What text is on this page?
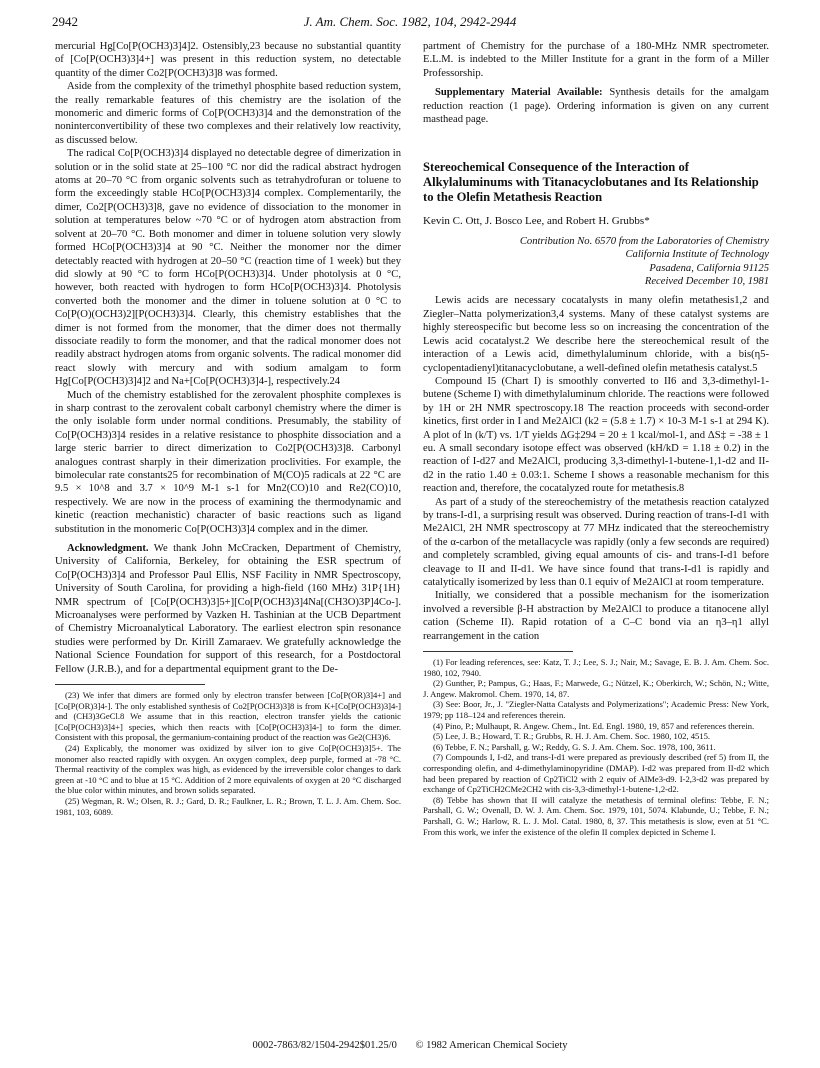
2942	J. Am. Chem. Soc. 1982, 104, 2942-2944

mercurial Hg[Co[P(OCH3)3]4]2. Ostensibly,23 because no substantial quantity of [Co[P(OCH3)3]4+] was present in this reduction system, no detectable quantity of the dimer Co2[P(OCH3)3]8 was formed.

Aside from the complexity of the trimethyl phosphite based reduction system, the really remarkable features of this chemistry are the isolation of the monomeric and dimeric forms of Co[P(OCH3)3]4 and the demonstration of the noninterconvertibility of these two complexes and their relatively low reactivity, as discussed below.

The radical Co[P(OCH3)3]4 displayed no detectable degree of dimerization in solution or in the solid state at 25–100 °C nor did the radical abstract hydrogen atoms at 20–70 °C from organic solvents such as tetrahydrofuran or toluene to form the exceedingly stable HCo[P(OCH3)3]4 complex. Complementarily, the dimer, Co2[P(OCH3)3]8, gave no evidence of dissociation to the monomer in solution at temperatures below ~70 °C or of hydrogen atom abstraction from solvent at 20–70 °C. Both monomer and dimer in toluene solution very slowly formed HCo[P(OCH3)3]4 at 90 °C. Neither the monomer nor the dimer detectably reacted with hydrogen at 20–50 °C (reaction time of 1 week) but they did slowly at 90 °C to form HCo[P(OCH3)3]4. Under photolysis at 0 °C, however, both reacted with hydrogen to form HCo[P(OCH3)3]4. Photolysis converted both the monomer and the dimer in toluene solution at 0 °C to Co[P(O)(OCH3)2][P(OCH3)3]4. Clearly, this chemistry establishes that the dimer is not formed from the monomer, that the dimer does not thermally dissociate readily to form the monomer, and that the radical monomer does not readily abstract hydrogen atoms from organic solvents. The radical monomer did react slowly with mercury and with sodium amalgam to form Hg[Co[P(OCH3)3]4]2 and Na+[Co[P(OCH3)3]4-], respectively.24

Much of the chemistry established for the zerovalent phosphite complexes is in sharp contrast to the zerovalent cobalt carbonyl chemistry where the dimer is the only isolable form under normal conditions. Presumably, the stability of Co[P(OCH3)3]4 resides in a relative resistance to phosphite dissociation and a large steric barrier to direct dimerization to Co2[P(OCH3)3]8. Carbonyl analogues contrast sharply in their dimerization proclivities. For example, the bimolecular rate constants25 for recombination of M(CO)5 radicals at 22 °C are 9.5 × 10^8 and 3.7 × 10^9 M-1 s-1 for Mn2(CO)10 and Re2(CO)10, respectively. We are now in the process of examining the thermodynamic and kinetic (reaction mechanistic) character of basic reactions such as ligand substitution in the monomeric Co[P(OCH3)3]4 complex and in the dimer.

Acknowledgment. We thank John McCracken, Department of Chemistry, University of California, Berkeley, for obtaining the ESR spectrum of Co[P(OCH3)3]4 and Professor Paul Ellis, NSF Facility in NMR Spectroscopy, University of South Carolina, for providing a high-field (160 MHz) 31P{1H} NMR spectrum of [Co[P(OCH3)3]5+][Co[P(OCH3)3]4Na[(CH3O)3P]4Co-]. Microanalyses were performed by Vazken H. Tashinian at the UCB Department of Chemistry Microanalytical Laboratory. The earliest electron spin resonance studies were performed by Dr. Kirill Zamaraev. We gratefully acknowledge the National Science Foundation for support of this research, for a Postdoctoral Fellow (J.R.B.), and for a departmental equipment grant to the De-

(23) We infer that dimers are formed only by electron transfer between [Co[P(OR)3]4+] and [Co[P(OR)3]4-]. The only established synthesis of Co2[P(OCH3)3]8 is from K+[Co[P(OCH3)3]4-] and (CH3)3GeCl.8 We assume that in this reaction, electron transfer yields the cationic [Co[P(OCH3)3]4+] species, which then reacts with [Co[P(OCH3)3]4-] to form the dimer. Consistent with this proposal, the germanium-containing product of the reaction was Ge2(CH3)6.

(24) Explicably, the monomer was oxidized by silver ion to give Co[P(OCH3)3]5+. The monomer also reacted rapidly with oxygen. An oxygen complex, deep purple, formed at -78 °C. Thermal reactivity of the complex was high, as evidenced by the irreversible color changes to dark green at -10 °C and to blue at 15 °C. Addition of 2 more equivalents of oxygen at 20 °C discharged the blue color within minutes, and brown solids separated.

(25) Wegman, R. W.; Olsen, R. J.; Gard, D. R.; Faulkner, L. R.; Brown, T. L. J. Am. Chem. Soc. 1981, 103, 6089.

partment of Chemistry for the purchase of a 180-MHz NMR spectrometer. E.L.M. is indebted to the Miller Institute for a grant in the form of a Miller Professorship.

Supplementary Material Available: Synthesis details for the amalgam reduction reaction (1 page). Ordering information is given on any current masthead page.

Stereochemical Consequence of the Interaction of Alkylaluminums with Titanacyclobutanes and Its Relationship to the Olefin Metathesis Reaction
Kevin C. Ott, J. Bosco Lee, and Robert H. Grubbs*
Contribution No. 6570 from the Laboratories of Chemistry
California Institute of Technology
Pasadena, California 91125
Received December 10, 1981

Lewis acids are necessary cocatalysts in many olefin metathesis1,2 and Ziegler–Natta polymerization3,4 systems. Many of these catalyst systems are highly stereospecific but become less so on increasing the concentration of the Lewis acid cocatalyst.2 We describe here the stereochemical result of the interaction of a Lewis acid, dimethylaluminum chloride, with a bis(η5-cyclopentadienyl)titanacyclobutane, a well-defined olefin metathesis catalyst.5

Compound I5 (Chart I) is smoothly converted to II6 and 3,3-dimethyl-1-butene (Scheme I) with dimethylaluminum chloride. The reactions were followed by 1H or 2H NMR spectroscopy.18 The reaction proceeds with second-order kinetics, first order in I and Me2AlCl (k2 = (5.8 ± 1.7) × 10-3 M-1 s-1 at 294 K). A plot of ln (k/T) vs. 1/T yields ΔG‡294 = 20 ± 1 kcal/mol-1, and ΔS‡ = -38 ± 1 eu. A small secondary isotope effect was observed (kH/kD = 1.18 ± 0.2) in the reaction of I-d27 and Me2AlCl, producing 3,3-dimethyl-1-butene-1,1-d2 and II-d2 in the ratio 1.40 ± 0.03:1. Scheme I shows a reasonable mechanism for this reaction and, therefore, the cocatalyzed route for metathesis.8

As part of a study of the stereochemistry of the metathesis reaction catalyzed by trans-I-d1, a surprising result was observed. During reaction of trans-I-d1 with Me2AlCl, 2H NMR spectroscopy at 77 MHz indicated that the stereochemistry of the α-carbon of the metallacycle was rapidly (only a few seconds are required) and completely scrambled, giving equal amounts of cis- and trans-I-d1 before cleavage to II and II-d1. We have since found that trans-I-d1 is rapidly and catalytically isomerized by less than 0.1 equiv of Me2AlCl at room temperature.

Initially, we considered that a possible mechanism for the isomerization involved a reversible β-H abstraction by Me2AlCl to produce a titanocene allyl cation (Scheme II). Rapid rotation of a C–C bond via an η3–η1 allyl rearrangement in the cation

(1) For leading references, see: Katz, T. J.; Lee, S. J.; Nair, M.; Savage, E. B. J. Am. Chem. Soc. 1980, 102, 7940.

(2) Gunther, P.; Pampus, G.; Haas, F.; Marwede, G.; Nützel, K.; Oberkirch, W.; Schön, N.; Witte, J. Angew. Makromol. Chem. 1970, 14, 87.

(3) See: Boor, Jr., J. "Ziegler-Natta Catalysts and Polymerizations"; Academic Press: New York, 1979; pp 118–124 and references therein.

(4) Pino, P.; Mulhaupt, R. Angew. Chem., Int. Ed. Engl. 1980, 19, 857 and references therein.

(5) Lee, J. B.; Howard, T. R.; Grubbs, R. H. J. Am. Chem. Soc. 1980, 102, 4515.

(6) Tebbe, F. N.; Parshall, g. W.; Reddy, G. S. J. Am. Chem. Soc. 1978, 100, 3611.

(7) Compounds I, I-d2, and trans-I-d1 were prepared as previously described (ref 5) from II, the corresponding olefin, and 4-dimethylaminopyridine (DMAP). I-d2 was prepared from II-d2 which had been prepared by reaction of Cp2TiCl2 with 2 equiv of AlMe3-d9. I-2,3-d2 was prepared by exchange of Cp2TiCH2CMe2CH2 with cis-3,3-dimethyl-1-butene-1,2-d2.

(8) Tebbe has shown that II will catalyze the metathesis of terminal olefins: Tebbe, F. N.; Parshall, G. W.; Ovenall, D. W. J. Am. Chem. Soc. 1979, 101, 5074. Klabunde, U.; Tebbe, F. N.; Parshall, G. W.; Harlow, R. L. J. Mol. Catal. 1980, 8, 37. This metathesis is slow, even at 51 °C. From this work, we infer the existence of the olefin II complex depicted in Scheme I.

0002-7863/82/1504-2942$01.25/0 © 1982 American Chemical Society
